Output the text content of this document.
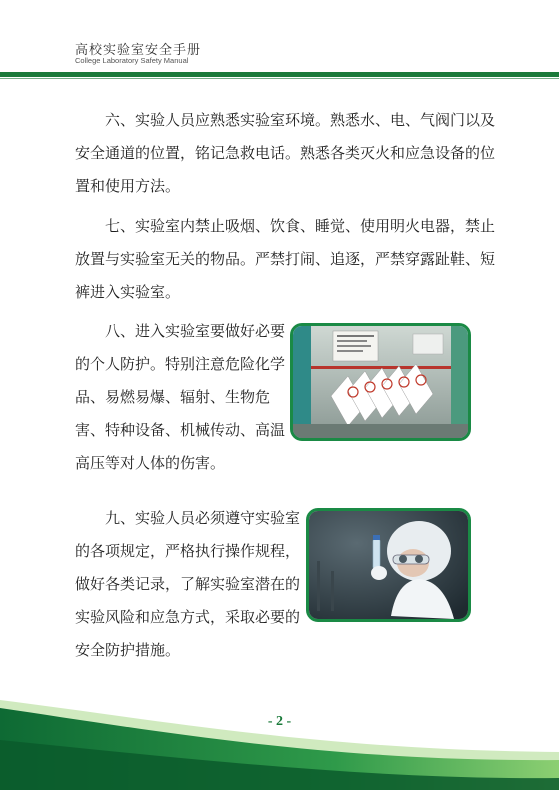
高校实验室安全手册
College Laboratory Safety Manual

六、实验人员应熟悉实验室环境。熟悉水、电、气阀门以及安全通道的位置，铭记急救电话。熟悉各类灭火和应急设备的位置和使用方法。

七、实验室内禁止吸烟、饮食、睡觉、使用明火电器，禁止放置与实验室无关的物品。严禁打闹、追逐，严禁穿露趾鞋、短裤进入实验室。

八、进入实验室要做好必要的个人防护。特别注意危险化学品、易燃易爆、辐射、生物危害、特种设备、机械传动、高温高压等对人体的伤害。

九、实验人员必须遵守实验室的各项规定，严格执行操作规程，做好各类记录，了解实验室潜在的实验风险和应急方式，采取必要的安全防护措施。

- 2 -
